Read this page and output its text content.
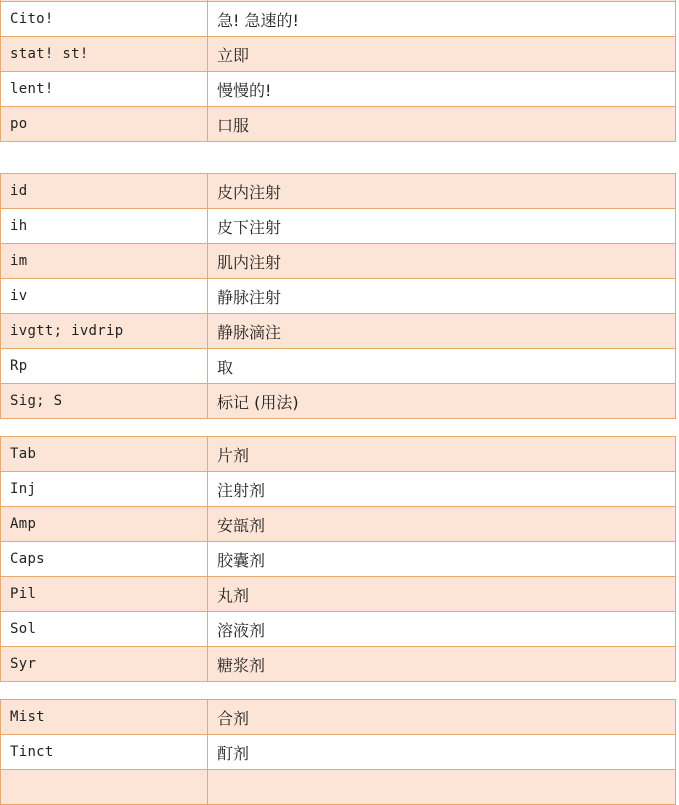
Cito!	急! 急速的!
stat! st!	立即
lent!	慢慢的!
po	口服
id	皮内注射
ih	皮下注射
im	肌内注射
iv	静脉注射
ivgtt; ivdrip	静脉滴注
Rp	取
Sig; S	标记 (用法)
Tab	片剂
Inj	注射剂
Amp	安瓿剂
Caps	胶囊剂
Pil	丸剂
Sol	溶液剂
Syr	糖浆剂
Mist	合剂
Tinct	酊剂
